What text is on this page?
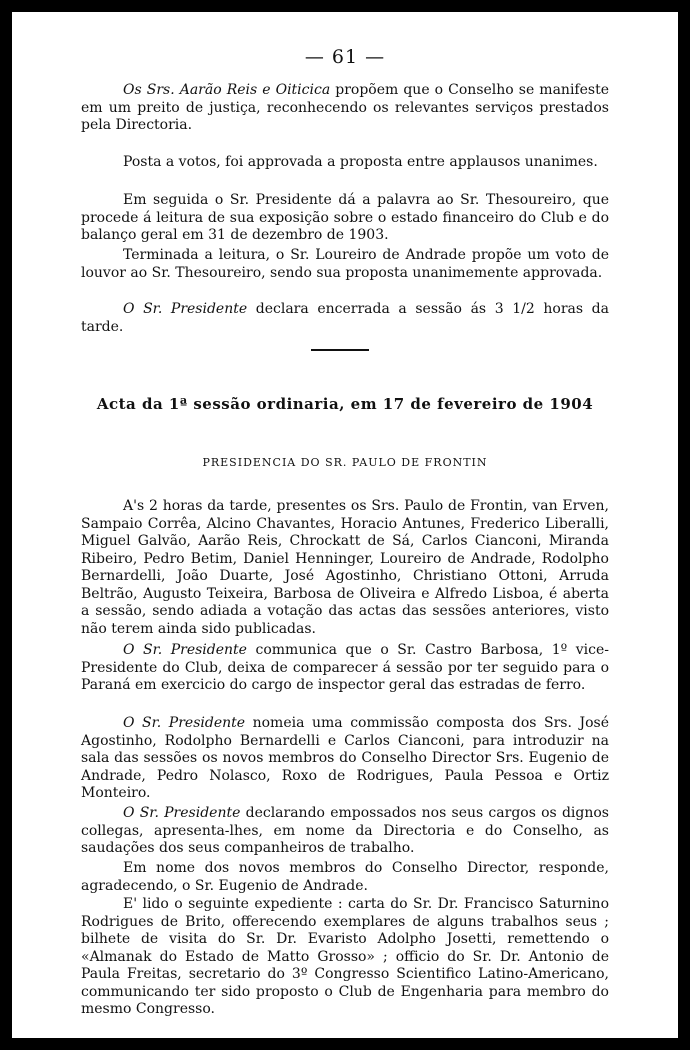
— 61 —

Os Srs. Aarão Reis e Oiticica propõem que o Conselho se manifeste em um preito de justiça, reconhecendo os relevantes serviços prestados pela Directoria.

Posta a votos, foi approvada a proposta entre applausos unanimes.

Em seguida o Sr. Presidente dá a palavra ao Sr. Thesoureiro, que procede á leitura de sua exposição sobre o estado financeiro do Club e do balanço geral em 31 de dezembro de 1903.

Terminada a leitura, o Sr. Loureiro de Andrade propõe um voto de louvor ao Sr. Thesoureiro, sendo sua proposta unanimemente approvada.

O Sr. Presidente declara encerrada a sessão ás 3 1/2 horas da tarde.

Acta da 1ª sessão ordinaria, em 17 de fevereiro de 1904
PRESIDENCIA DO SR. PAULO DE FRONTIN

A's 2 horas da tarde, presentes os Srs. Paulo de Frontin, van Erven, Sampaio Corrêa, Alcino Chavantes, Horacio Antunes, Frederico Liberalli, Miguel Galvão, Aarão Reis, Chrockatt de Sá, Carlos Cianconi, Miranda Ribeiro, Pedro Betim, Daniel Henninger, Loureiro de Andrade, Rodolpho Bernardelli, João Duarte, José Agostinho, Christiano Ottoni, Arruda Beltrão, Augusto Teixeira, Barbosa de Oliveira e Alfredo Lisboa, é aberta a sessão, sendo adiada a votação das actas das sessões anteriores, visto não terem ainda sido publicadas.

O Sr. Presidente communica que o Sr. Castro Barbosa, 1º vice-Presidente do Club, deixa de comparecer á sessão por ter seguido para o Paraná em exercicio do cargo de inspector geral das estradas de ferro.

O Sr. Presidente nomeia uma commissão composta dos Srs. José Agostinho, Rodolpho Bernardelli e Carlos Cianconi, para introduzir na sala das sessões os novos membros do Conselho Director Srs. Eugenio de Andrade, Pedro Nolasco, Roxo de Rodrigues, Paula Pessoa e Ortiz Monteiro.

O Sr. Presidente declarando empossados nos seus cargos os dignos collegas, apresenta-lhes, em nome da Directoria e do Conselho, as saudações dos seus companheiros de trabalho.

Em nome dos novos membros do Conselho Director, responde, agradecendo, o Sr. Eugenio de Andrade.

E' lido o seguinte expediente : carta do Sr. Dr. Francisco Saturnino Rodrigues de Brito, offerecendo exemplares de alguns trabalhos seus ; bilhete de visita do Sr. Dr. Evaristo Adolpho Josetti, remettendo o «Almanak do Estado de Matto Grosso» ; officio do Sr. Dr. Antonio de Paula Freitas, secretario do 3º Congresso Scientifico Latino-Americano, communicando ter sido proposto o Club de Engenharia para membro do mesmo Congresso.
